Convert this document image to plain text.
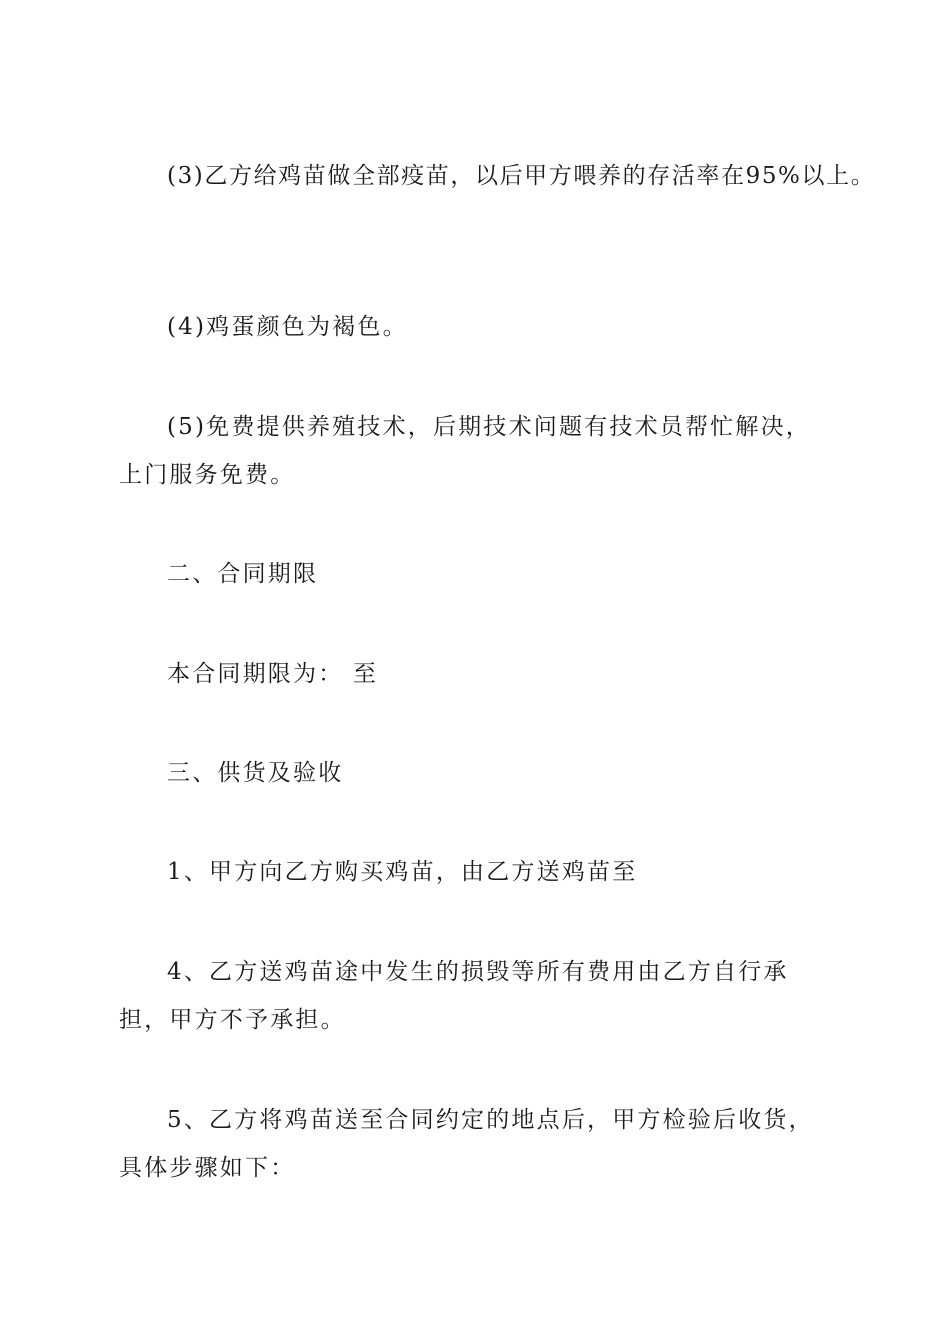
(3)乙方给鸡苗做全部疫苗，以后甲方喂养的存活率在95%以上。

(4)鸡蛋颜色为褐色。

(5)免费提供养殖技术，后期技术问题有技术员帮忙解决，上门服务免费。

二、合同期限

本合同期限为： 至

三、供货及验收

1、甲方向乙方购买鸡苗，由乙方送鸡苗至

4、乙方送鸡苗途中发生的损毁等所有费用由乙方自行承担，甲方不予承担。

5、乙方将鸡苗送至合同约定的地点后，甲方检验后收货，具体步骤如下：
